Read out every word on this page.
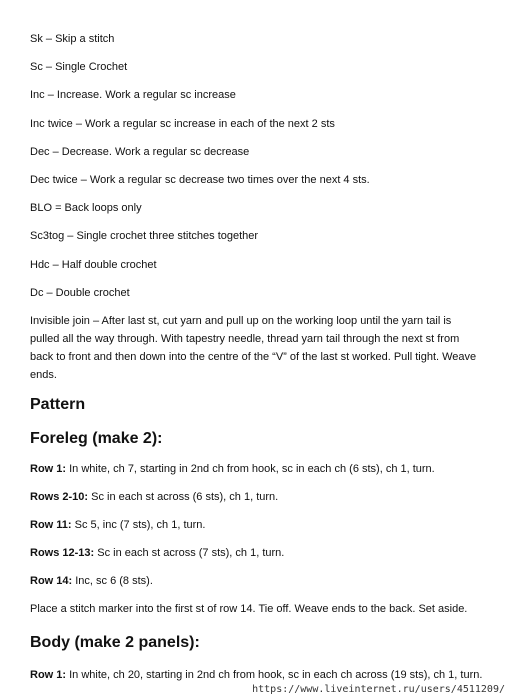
Sk – Skip a stitch

Sc – Single Crochet

Inc – Increase. Work a regular sc increase

Inc twice – Work a regular sc increase in each of the next 2 sts

Dec – Decrease. Work a regular sc decrease

Dec twice – Work a regular sc decrease two times over the next 4 sts.

BLO = Back loops only

Sc3tog – Single crochet three stitches together

Hdc – Half double crochet

Dc – Double crochet

Invisible join – After last st, cut yarn and pull up on the working loop until the yarn tail is
pulled all the way through. With tapestry needle, thread yarn tail through the next st from
back to front and then down into the centre of the “V” of the last st worked. Pull tight. Weave
ends.
Pattern
Foreleg (make 2):

Row 1: In white, ch 7, starting in 2nd ch from hook, sc in each ch (6 sts), ch 1, turn.

Rows 2-10: Sc in each st across (6 sts), ch 1, turn.

Row 11: Sc 5, inc (7 sts), ch 1, turn.

Rows 12-13: Sc in each st across (7 sts), ch 1, turn.

Row 14: Inc, sc 6 (8 sts).

Place a stitch marker into the first st of row 14. Tie off. Weave ends to the back. Set aside.

Body (make 2 panels):

Row 1: In white, ch 20, starting in 2nd ch from hook, sc in each ch across (19 sts), ch 1, turn.

https://www.liveinternet.ru/users/4511209/
